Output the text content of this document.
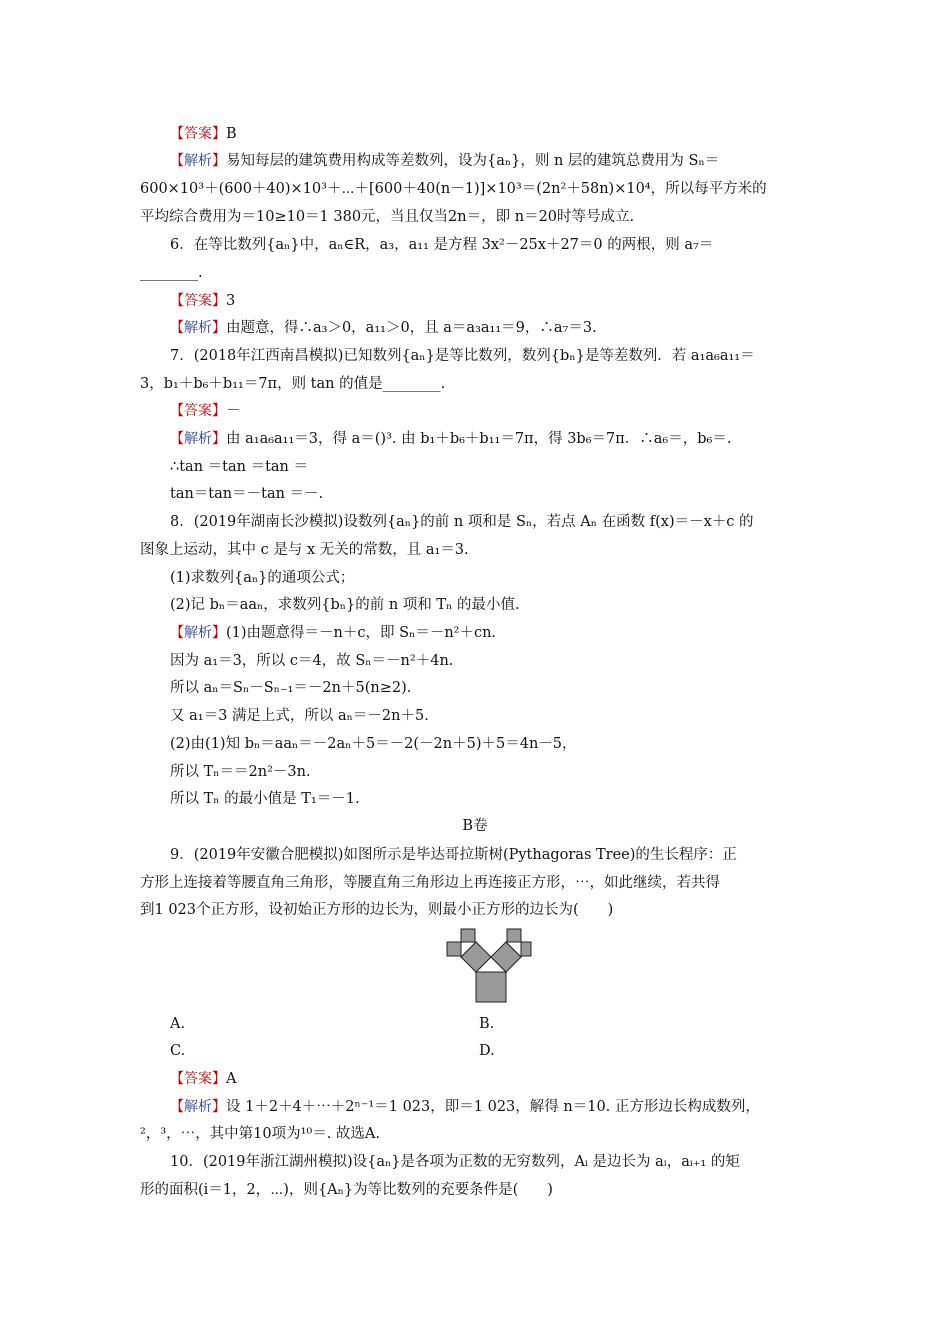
【答案】B
【解析】易知每层的建筑费用构成等差数列，设为{aₙ}，则 n 层的建筑总费用为 Sₙ＝
600×10³＋(600＋40)×10³＋⋯＋[600＋40(n－1)]×10³＝(2n²＋58n)×10⁴，所以每平方米的
平均综合费用为＝10≥10＝1 380元，当且仅当2n＝，即 n＝20时等号成立.
6．在等比数列{aₙ}中，aₙ∈R，a₃，a₁₁ 是方程 3x²－25x＋27＝0 的两根，则 a₇＝
________.
【答案】3
【解析】由题意，得∴a₃＞0，a₁₁＞0，且 a＝a₃a₁₁＝9，∴a₇＝3.
7．(2018年江西南昌模拟)已知数列{aₙ}是等比数列，数列{bₙ}是等差数列．若 a₁a₆a₁₁＝
3，b₁＋b₆＋b₁₁＝7π，则 tan 的值是________.
【答案】－
【解析】由 a₁a₆a₁₁＝3，得 a＝()³. 由 b₁＋b₆＋b₁₁＝7π，得 3b₆＝7π．∴a₆＝，b₆＝.
∴tan ＝tan ＝tan ＝
tan＝tan＝－tan ＝－.
8．(2019年湖南长沙模拟)设数列{aₙ}的前 n 项和是 Sₙ，若点 Aₙ 在函数 f(x)＝－x＋c 的
图象上运动，其中 c 是与 x 无关的常数，且 a₁＝3.
(1)求数列{aₙ}的通项公式；
(2)记 bₙ＝aaₙ，求数列{bₙ}的前 n 项和 Tₙ 的最小值.
【解析】(1)由题意得＝－n＋c，即 Sₙ＝－n²＋cn.
因为 a₁＝3，所以 c＝4，故 Sₙ＝－n²＋4n.
所以 aₙ＝Sₙ－Sₙ₋₁＝－2n＋5(n≥2).
又 a₁＝3 满足上式，所以 aₙ＝－2n＋5.
(2)由(1)知 bₙ＝aaₙ＝－2aₙ＋5＝－2(－2n＋5)＋5＝4n－5，
所以 Tₙ＝＝2n²－3n.
所以 Tₙ 的最小值是 T₁＝－1.
9．(2019年安徽合肥模拟)如图所示是毕达哥拉斯树(Pythagoras Tree)的生长程序：正
方形上连接着等腰直角三角形，等腰直角三角形边上再连接正方形，⋯，如此继续，若共得
到1 023个正方形，设初始正方形的边长为，则最小正方形的边长为(　　)
【答案】A
【解析】设 1＋2＋4＋⋯＋2ⁿ⁻¹＝1 023，即＝1 023，解得 n＝10. 正方形边长构成数列，
²，³，⋯，其中第10项为¹⁰＝. 故选A.
10．(2019年浙江湖州模拟)设{aₙ}是各项为正数的无穷数列，Aᵢ 是边长为 aᵢ，aᵢ₊₁ 的矩
形的面积(i＝1，2，⋯)，则{Aₙ}为等比数列的充要条件是(　　)
B卷
A.	B.
C.	D.
